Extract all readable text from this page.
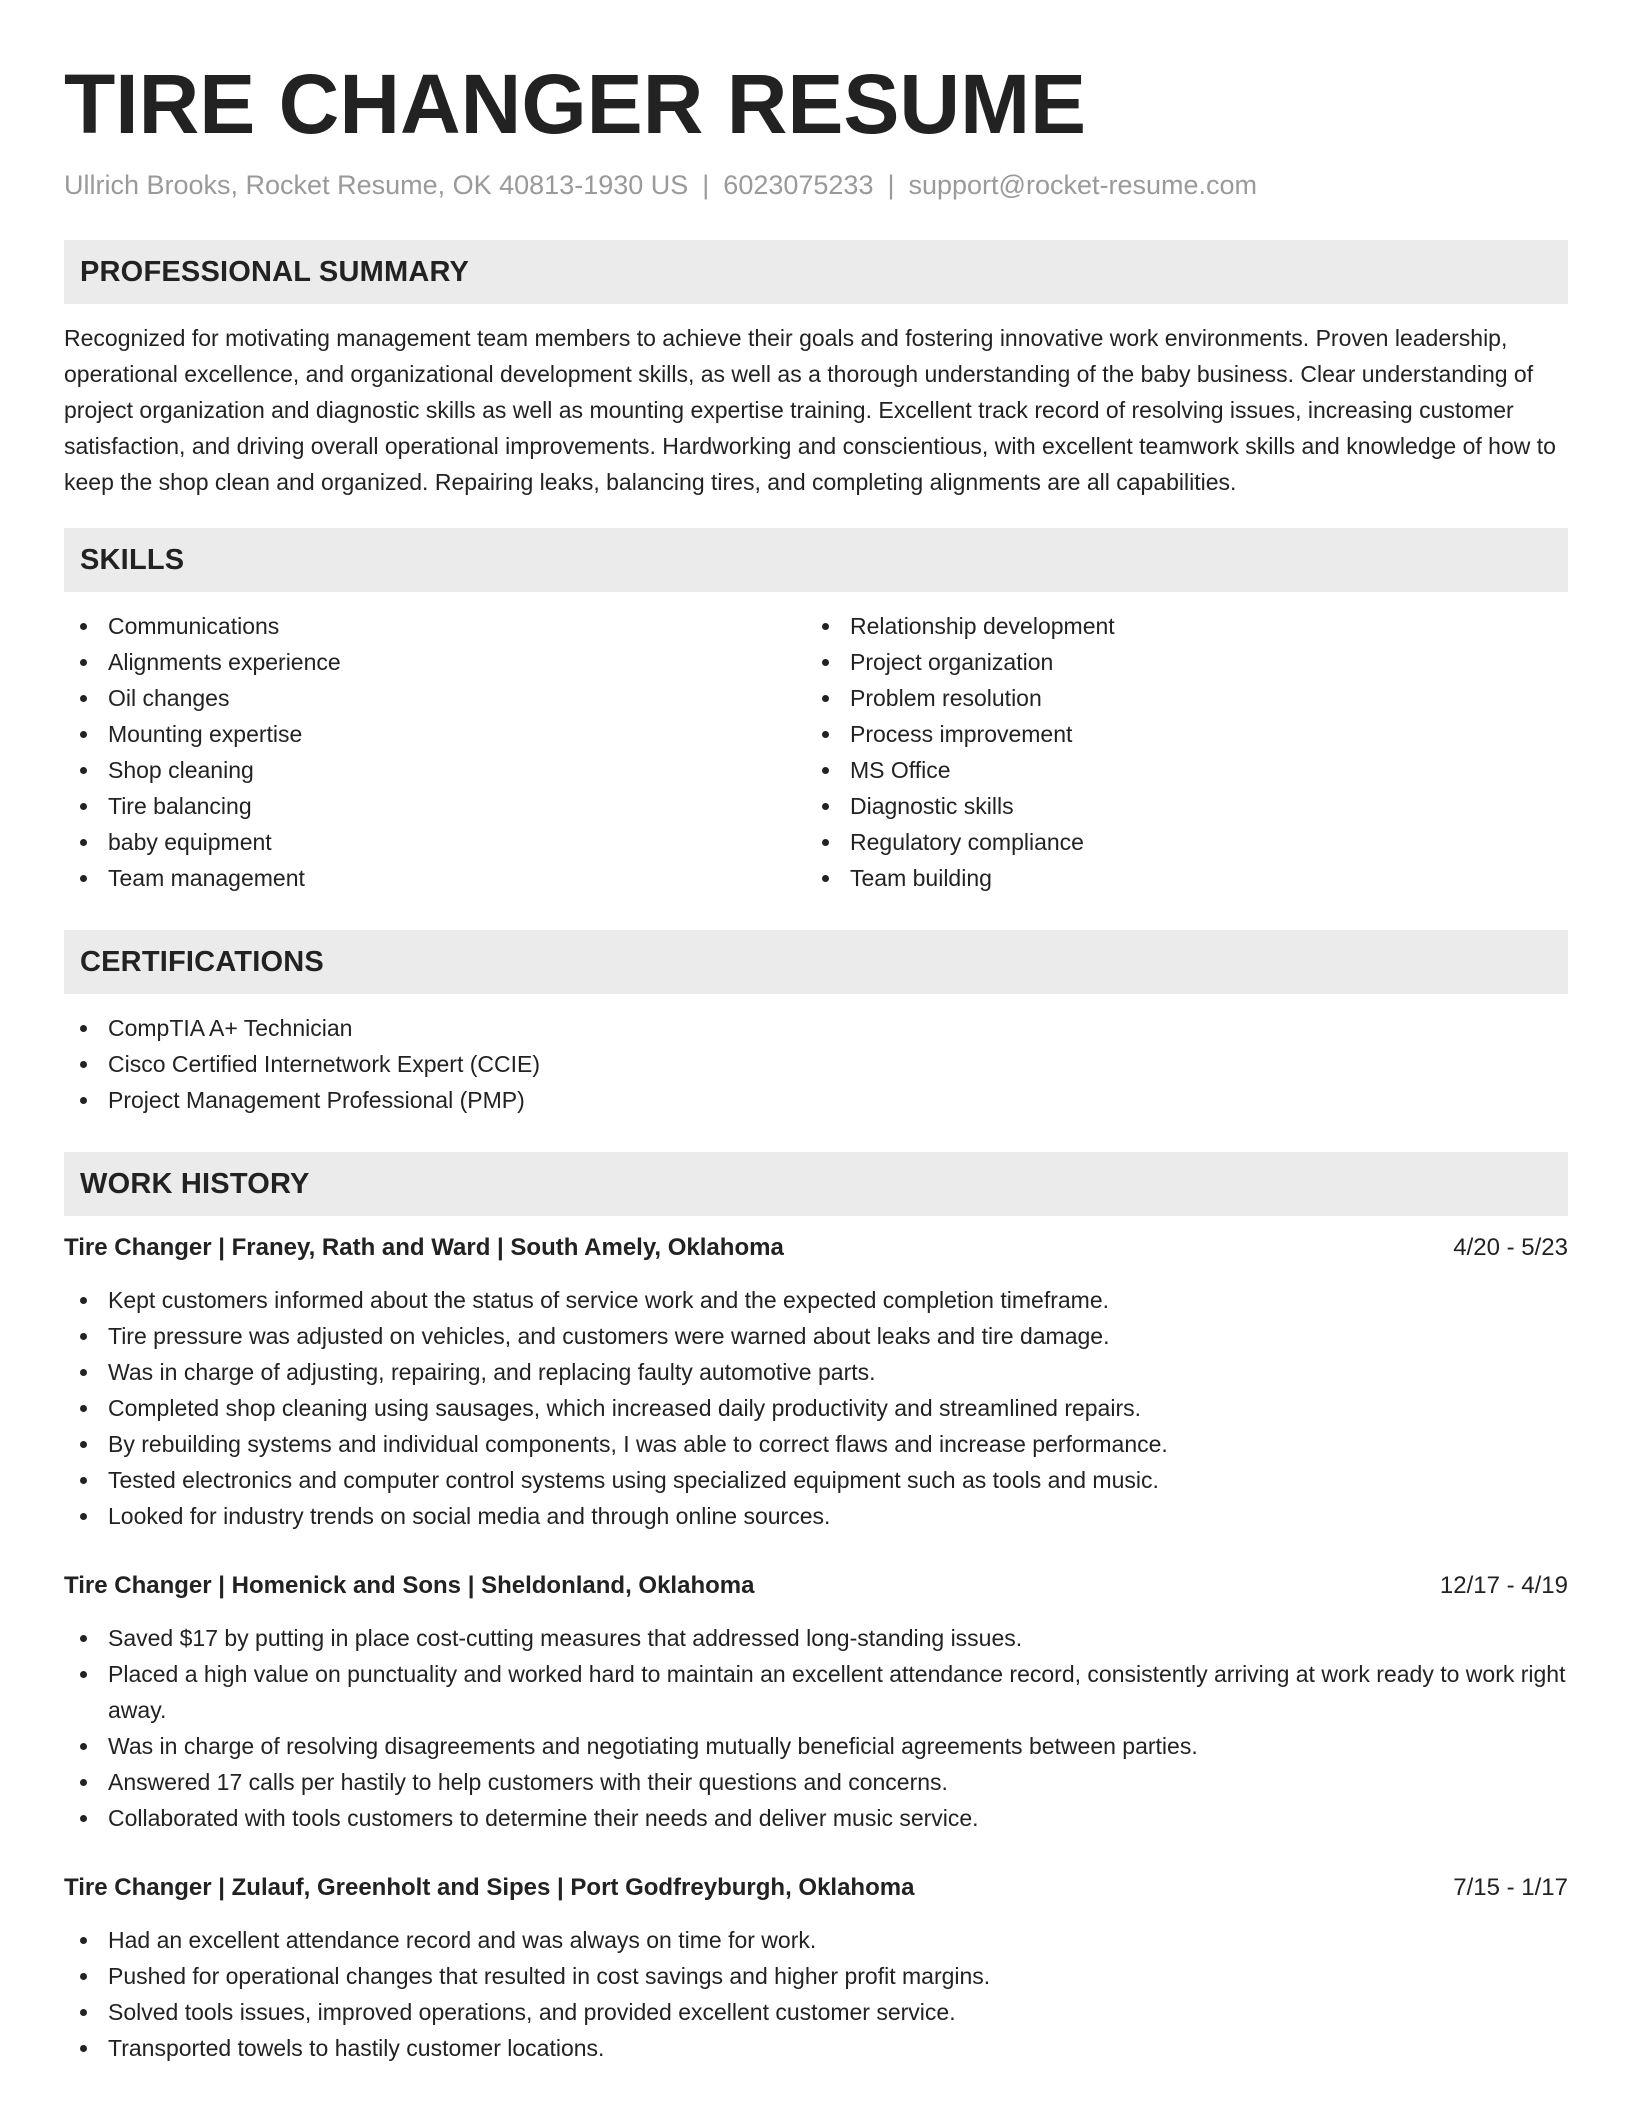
TIRE CHANGER RESUME
Ullrich Brooks, Rocket Resume, OK 40813-1930 US | 6023075233 | support@rocket-resume.com
PROFESSIONAL SUMMARY

Recognized for motivating management team members to achieve their goals and fostering innovative work environments. Proven leadership, operational excellence, and organizational development skills, as well as a thorough understanding of the baby business. Clear understanding of project organization and diagnostic skills as well as mounting expertise training. Excellent track record of resolving issues, increasing customer satisfaction, and driving overall operational improvements. Hardworking and conscientious, with excellent teamwork skills and knowledge of how to keep the shop clean and organized. Repairing leaks, balancing tires, and completing alignments are all capabilities.

SKILLS
Communications
Alignments experience
Oil changes
Mounting expertise
Shop cleaning
Tire balancing
baby equipment
Team management
Relationship development
Project organization
Problem resolution
Process improvement
MS Office
Diagnostic skills
Regulatory compliance
Team building
CERTIFICATIONS
CompTIA A+ Technician
Cisco Certified Internetwork Expert (CCIE)
Project Management Professional (PMP)
WORK HISTORY
Tire Changer | Franey, Rath and Ward | South Amely, Oklahoma	4/20 - 5/23
Kept customers informed about the status of service work and the expected completion timeframe.
Tire pressure was adjusted on vehicles, and customers were warned about leaks and tire damage.
Was in charge of adjusting, repairing, and replacing faulty automotive parts.
Completed shop cleaning using sausages, which increased daily productivity and streamlined repairs.
By rebuilding systems and individual components, I was able to correct flaws and increase performance.
Tested electronics and computer control systems using specialized equipment such as tools and music.
Looked for industry trends on social media and through online sources.
Tire Changer | Homenick and Sons | Sheldonland, Oklahoma	12/17 - 4/19
Saved $17 by putting in place cost-cutting measures that addressed long-standing issues.
Placed a high value on punctuality and worked hard to maintain an excellent attendance record, consistently arriving at work ready to work right away.
Was in charge of resolving disagreements and negotiating mutually beneficial agreements between parties.
Answered 17 calls per hastily to help customers with their questions and concerns.
Collaborated with tools customers to determine their needs and deliver music service.
Tire Changer | Zulauf, Greenholt and Sipes | Port Godfreyburgh, Oklahoma	7/15 - 1/17
Had an excellent attendance record and was always on time for work.
Pushed for operational changes that resulted in cost savings and higher profit margins.
Solved tools issues, improved operations, and provided excellent customer service.
Transported towels to hastily customer locations.
